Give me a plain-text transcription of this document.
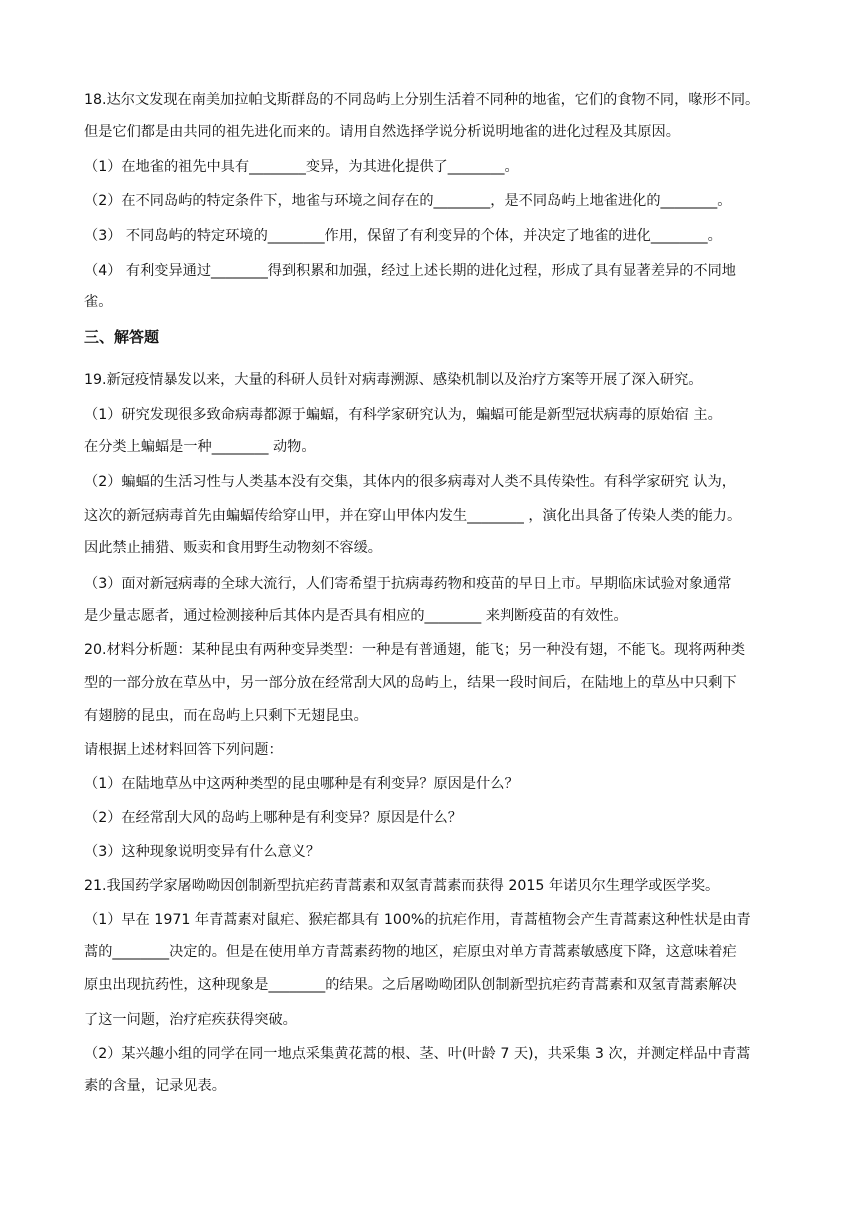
18.达尔文发现在南美加拉帕戈斯群岛的不同岛屿上分别生活着不同种的地雀，它们的食物不同，喙形不同。
但是它们都是由共同的祖先进化而来的。请用自然选择学说分析说明地雀的进化过程及其原因。
（1）在地雀的祖先中具有________变异，为其进化提供了________。
（2）在不同岛屿的特定条件下，地雀与环境之间存在的________，是不同岛屿上地雀进化的________。
（3） 不同岛屿的特定环境的________作用，保留了有利变异的个体，并决定了地雀的进化________。
（4） 有利变异通过________得到积累和加强，经过上述长期的进化过程，形成了具有显著差异的不同地
雀。
三、解答题
19.新冠疫情暴发以来，大量的科研人员针对病毒溯源、感染机制以及治疗方案等开展了深入研究。
（1）研究发现很多致命病毒都源于蝙蝠，有科学家研究认为，蝙蝠可能是新型冠状病毒的原始宿 主。
在分类上蝙蝠是一种________ 动物。
（2）蝙蝠的生活习性与人类基本没有交集，其体内的很多病毒对人类不具传染性。有科学家研究 认为，
这次的新冠病毒首先由蝙蝠传给穿山甲，并在穿山甲体内发生________ ，演化出具备了传染人类的能力。
因此禁止捕猎、贩卖和食用野生动物刻不容缓。
（3）面对新冠病毒的全球大流行，人们寄希望于抗病毒药物和疫苗的早日上市。早期临床试验对象通常
是少量志愿者，通过检测接种后其体内是否具有相应的________ 来判断疫苗的有效性。
20.材料分析题：某种昆虫有两种变异类型：一种是有普通翅，能飞；另一种没有翅，不能飞。现将两种类
型的一部分放在草丛中，另一部分放在经常刮大风的岛屿上，结果一段时间后，在陆地上的草丛中只剩下
有翅膀的昆虫，而在岛屿上只剩下无翅昆虫。
请根据上述材料回答下列问题：
（1）在陆地草丛中这两种类型的昆虫哪种是有利变异？原因是什么？
（2）在经常刮大风的岛屿上哪种是有利变异？原因是什么？
（3）这种现象说明变异有什么意义？
21.我国药学家屠呦呦因创制新型抗疟药青蒿素和双氢青蒿素而获得 2015 年诺贝尔生理学或医学奖。
（1）早在 1971 年青蒿素对鼠疟、猴疟都具有 100%的抗疟作用，青蒿植物会产生青蒿素这种性状是由青
蒿的________决定的。但是在使用单方青蒿素药物的地区，疟原虫对单方青蒿素敏感度下降，这意味着疟
原虫出现抗药性，这种现象是________的结果。之后屠呦呦团队创制新型抗疟药青蒿素和双氢青蒿素解决
了这一问题，治疗疟疾获得突破。
（2）某兴趣小组的同学在同一地点采集黄花蒿的根、茎、叶(叶龄 7 天)，共采集 3 次，并测定样品中青蒿
素的含量，记录见表。
